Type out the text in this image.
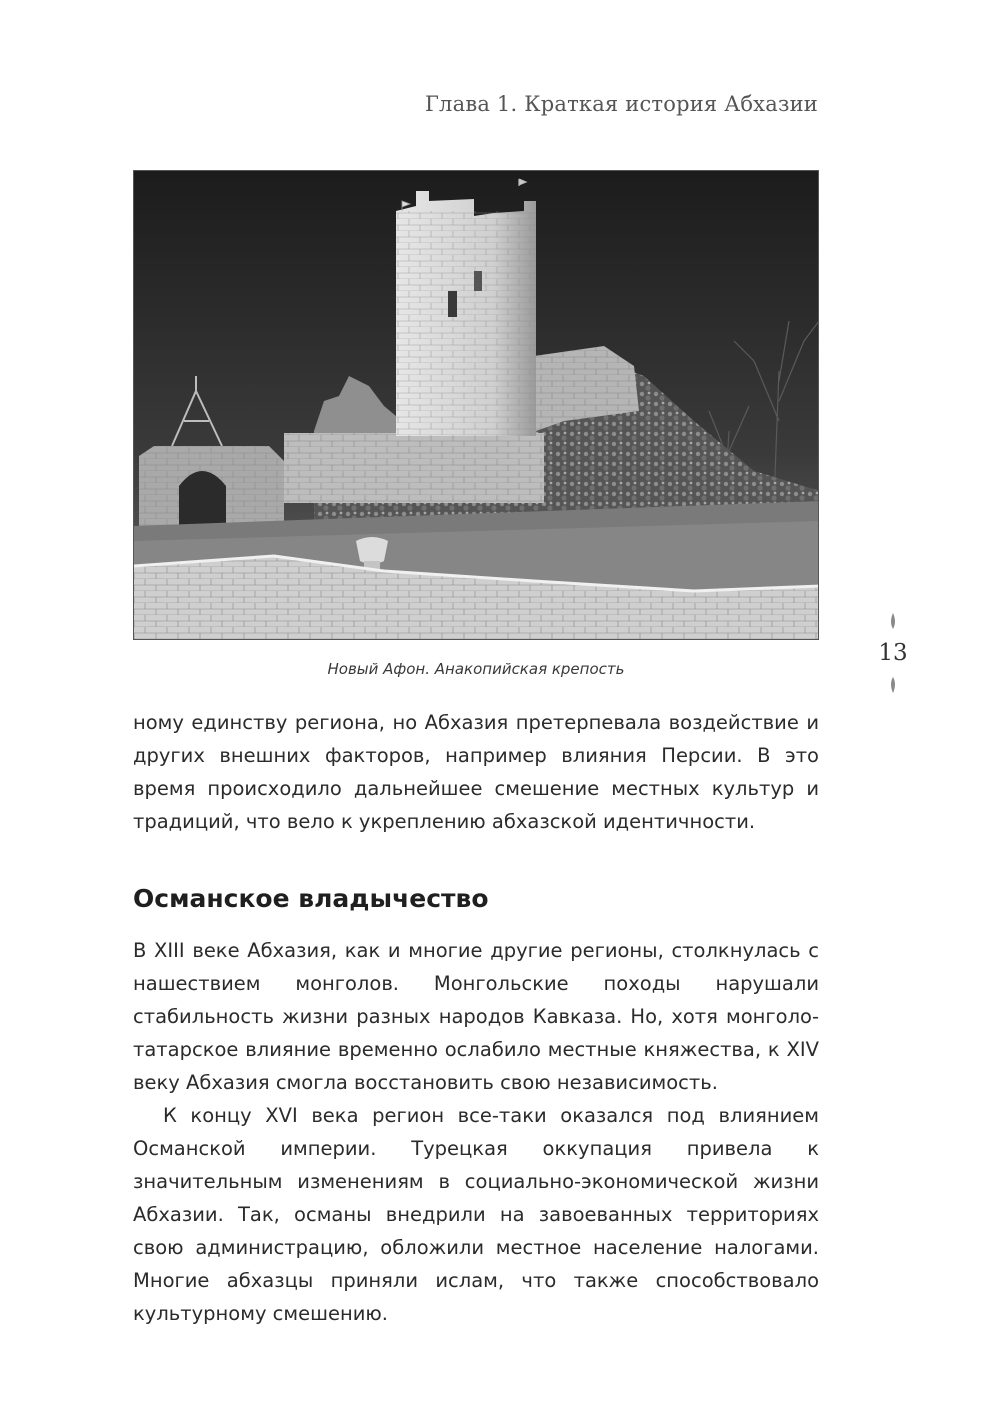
Глава 1. Краткая история Абхазии
Новый Афон. Анакопийская крепость
13

ному единству региона, но Абхазия претерпевала воздействие и других внешних факторов, например влияния Персии. В это время происходило дальнейшее смешение местных культур и традиций, что вело к укреплению абхазской идентичности.

Османское владычество

В XIII веке Абхазия, как и многие другие регионы, столкнулась с нашествием монголов. Монгольские походы нарушали стабильность жизни разных народов Кавказа. Но, хотя монголо-татарское влияние временно ослабило местные княжества, к XIV веку Абхазия смогла восстановить свою независимость.

К концу XVI века регион все-таки оказался под влиянием Османской империи. Турецкая оккупация привела к значительным изменениям в социально-экономической жизни Абхазии. Так, османы внедрили на завоеванных территориях свою администрацию, обложили местное население налогами. Многие абхазцы приняли ислам, что также способствовало культурному смешению.
